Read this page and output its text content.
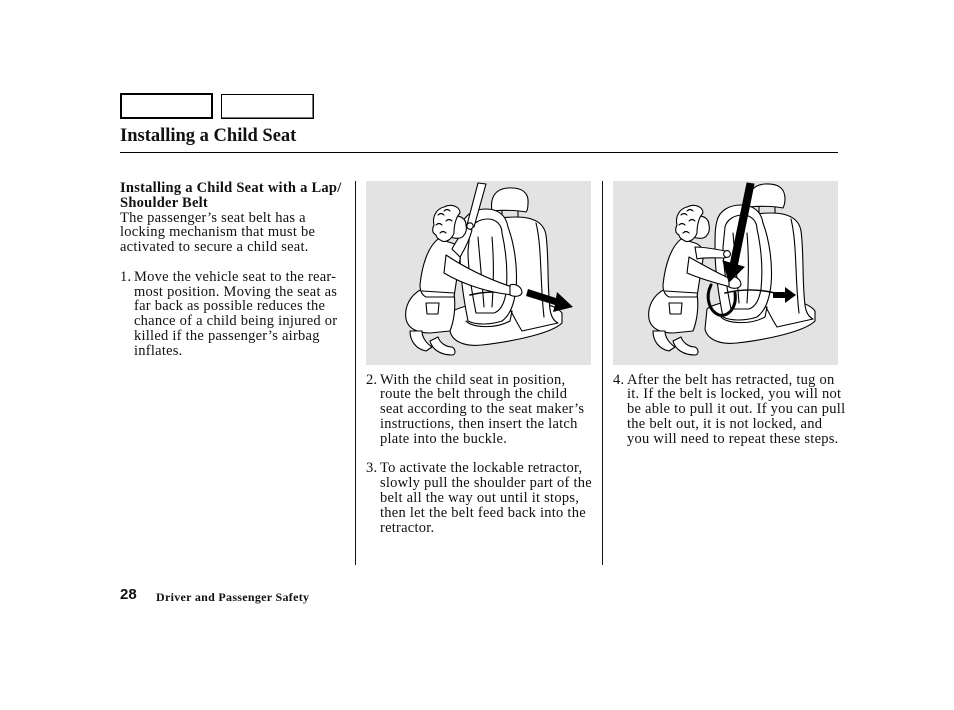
Installing a Child Seat
Installing a Child Seat with a Lap/
Shoulder Belt
The passenger’s seat belt has a
locking mechanism that must be
activated to secure a child seat.
1. Move the vehicle seat to the rear-
most position. Moving the seat as
far back as possible reduces the
chance of a child being injured or
killed if the passenger’s airbag
inflates.
2. With the child seat in position,
route the belt through the child
seat according to the seat maker’s
instructions, then insert the latch
plate into the buckle.
3. To activate the lockable retractor,
slowly pull the shoulder part of the
belt all the way out until it stops,
then let the belt feed back into the
retractor.
4. After the belt has retracted, tug on
it. If the belt is locked, you will not
be able to pull it out. If you can pull
the belt out, it is not locked, and
you will need to repeat these steps.
28 Driver and Passenger Safety
